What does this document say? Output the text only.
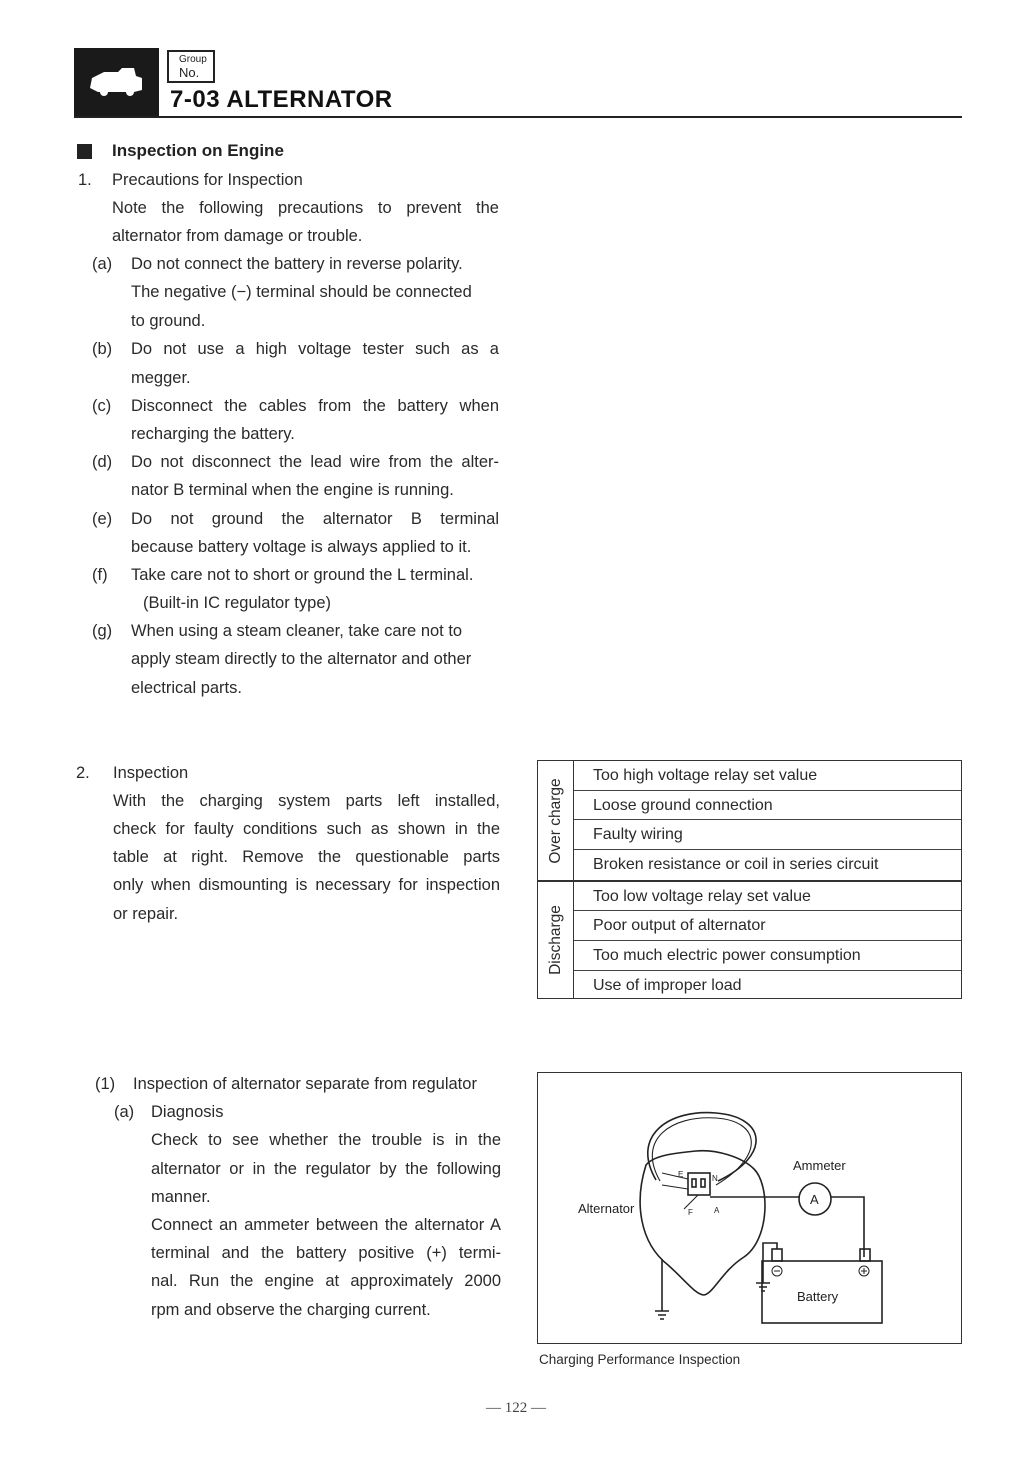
Group
No.
7-03 ALTERNATOR
Inspection on Engine
1. Precautions for Inspection
Note the following precautions to prevent the
alternator from damage or trouble.
(a) Do not connect the battery in reverse polarity.
The negative (−) terminal should be connected
to ground.
(b) Do not use a high voltage tester such as a
megger.
(c) Disconnect the cables from the battery when
recharging the battery.
(d) Do not disconnect the lead wire from the alter-
nator B terminal when the engine is running.
(e) Do not ground the alternator B terminal
because battery voltage is always applied to it.
(f) Take care not to short or ground the L terminal.
(Built-in IC regulator type)
(g) When using a steam cleaner, take care not to
apply steam directly to the alternator and other
electrical parts.
2. Inspection
With the charging system parts left installed,
check for faulty conditions such as shown in the
table at right. Remove the questionable parts
only when dismounting is necessary for inspection
or repair.
Over charge
Discharge
Too high voltage relay set value
Loose ground connection
Faulty wiring
Broken resistance or coil in series circuit
Too low voltage relay set value
Poor output of alternator
Too much electric power consumption
Use of improper load
(1) Inspection of alternator separate from regulator
(a) Diagnosis
Check to see whether the trouble is in the
alternator or in the regulator by the following
manner.
Connect an ammeter between the alternator A
terminal and the battery positive (+) termi-
nal. Run the engine at approximately 2000
rpm and observe the charging current.
Alternator
Ammeter
A
Battery
E	N
F	A
Charging Performance Inspection
— 122 —
